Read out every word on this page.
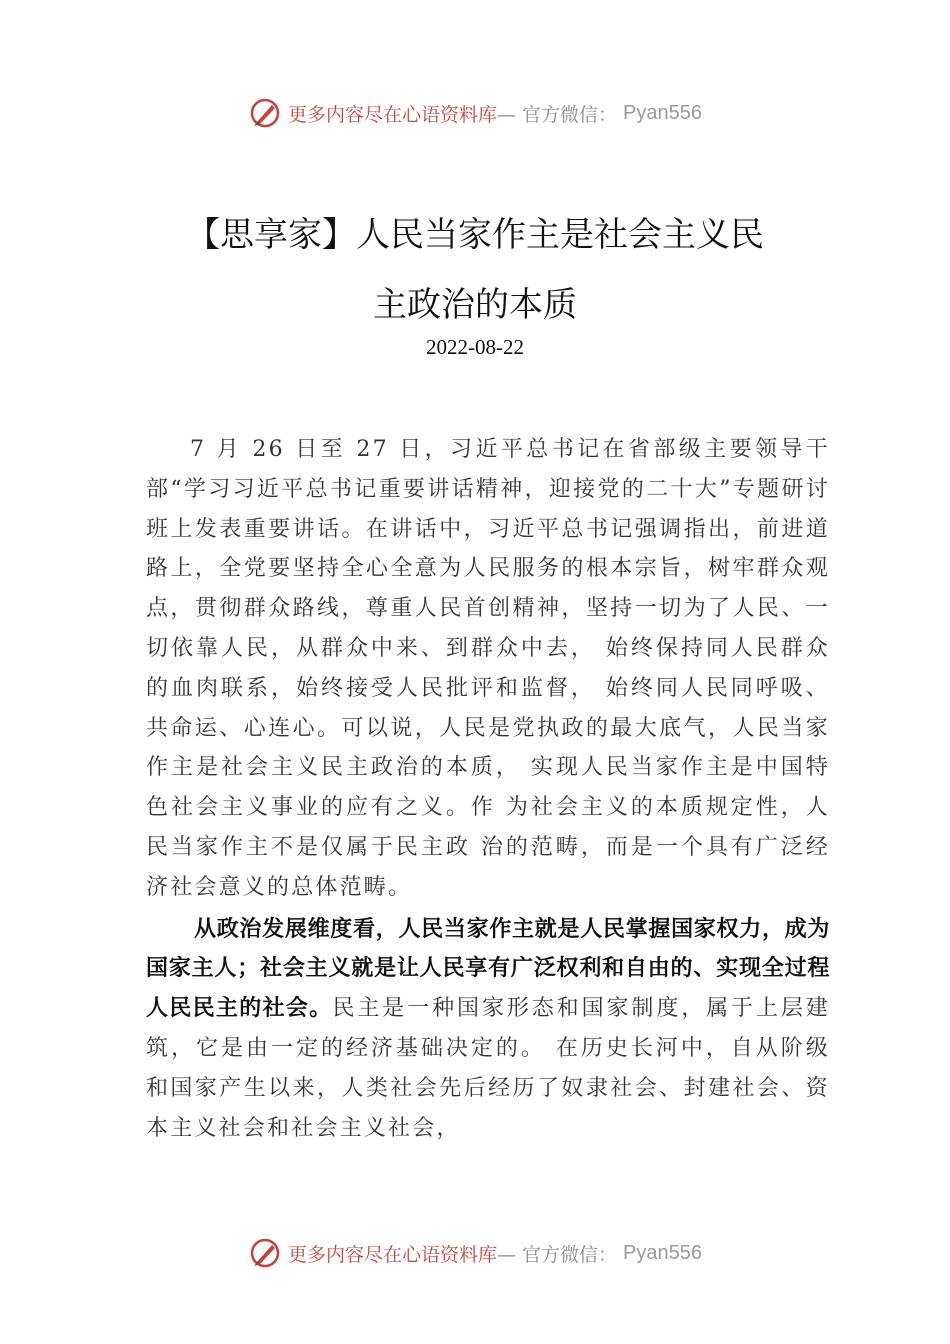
更多内容尽在心语资料库— 官方微信： Pyan556
【思享家】人民当家作主是社会主义民
主政治的本质
2022-08-22

7 月 26 日至 27 日，习近平总书记在省部级主要领导干部“学习习近平总书记重要讲话精神，迎接党的二十大”专题研讨班上发表重要讲话。在讲话中，习近平总书记强调指出，前进道路上，全党要坚持全心全意为人民服务的根本宗旨，树牢群众观点，贯彻群众路线，尊重人民首创精神，坚持一切为了人民、一切依靠人民，从群众中来、到群众中去， 始终保持同人民群众的血肉联系，始终接受人民批评和监督， 始终同人民同呼吸、共命运、心连心。可以说，人民是党执政的最大底气，人民当家作主是社会主义民主政治的本质， 实现人民当家作主是中国特色社会主义事业的应有之义。作 为社会主义的本质规定性，人民当家作主不是仅属于民主政 治的范畴，而是一个具有广泛经济社会意义的总体范畴。

从政治发展维度看，人民当家作主就是人民掌握国家权力，成为国家主人；社会主义就是让人民享有广泛权利和自由的、实现全过程人民民主的社会。民主是一种国家形态和国家制度，属于上层建筑，它是由一定的经济基础决定的。 在历史长河中，自从阶级和国家产生以来，人类社会先后经历了奴隶社会、封建社会、资本主义社会和社会主义社会，

更多内容尽在心语资料库— 官方微信： Pyan556
